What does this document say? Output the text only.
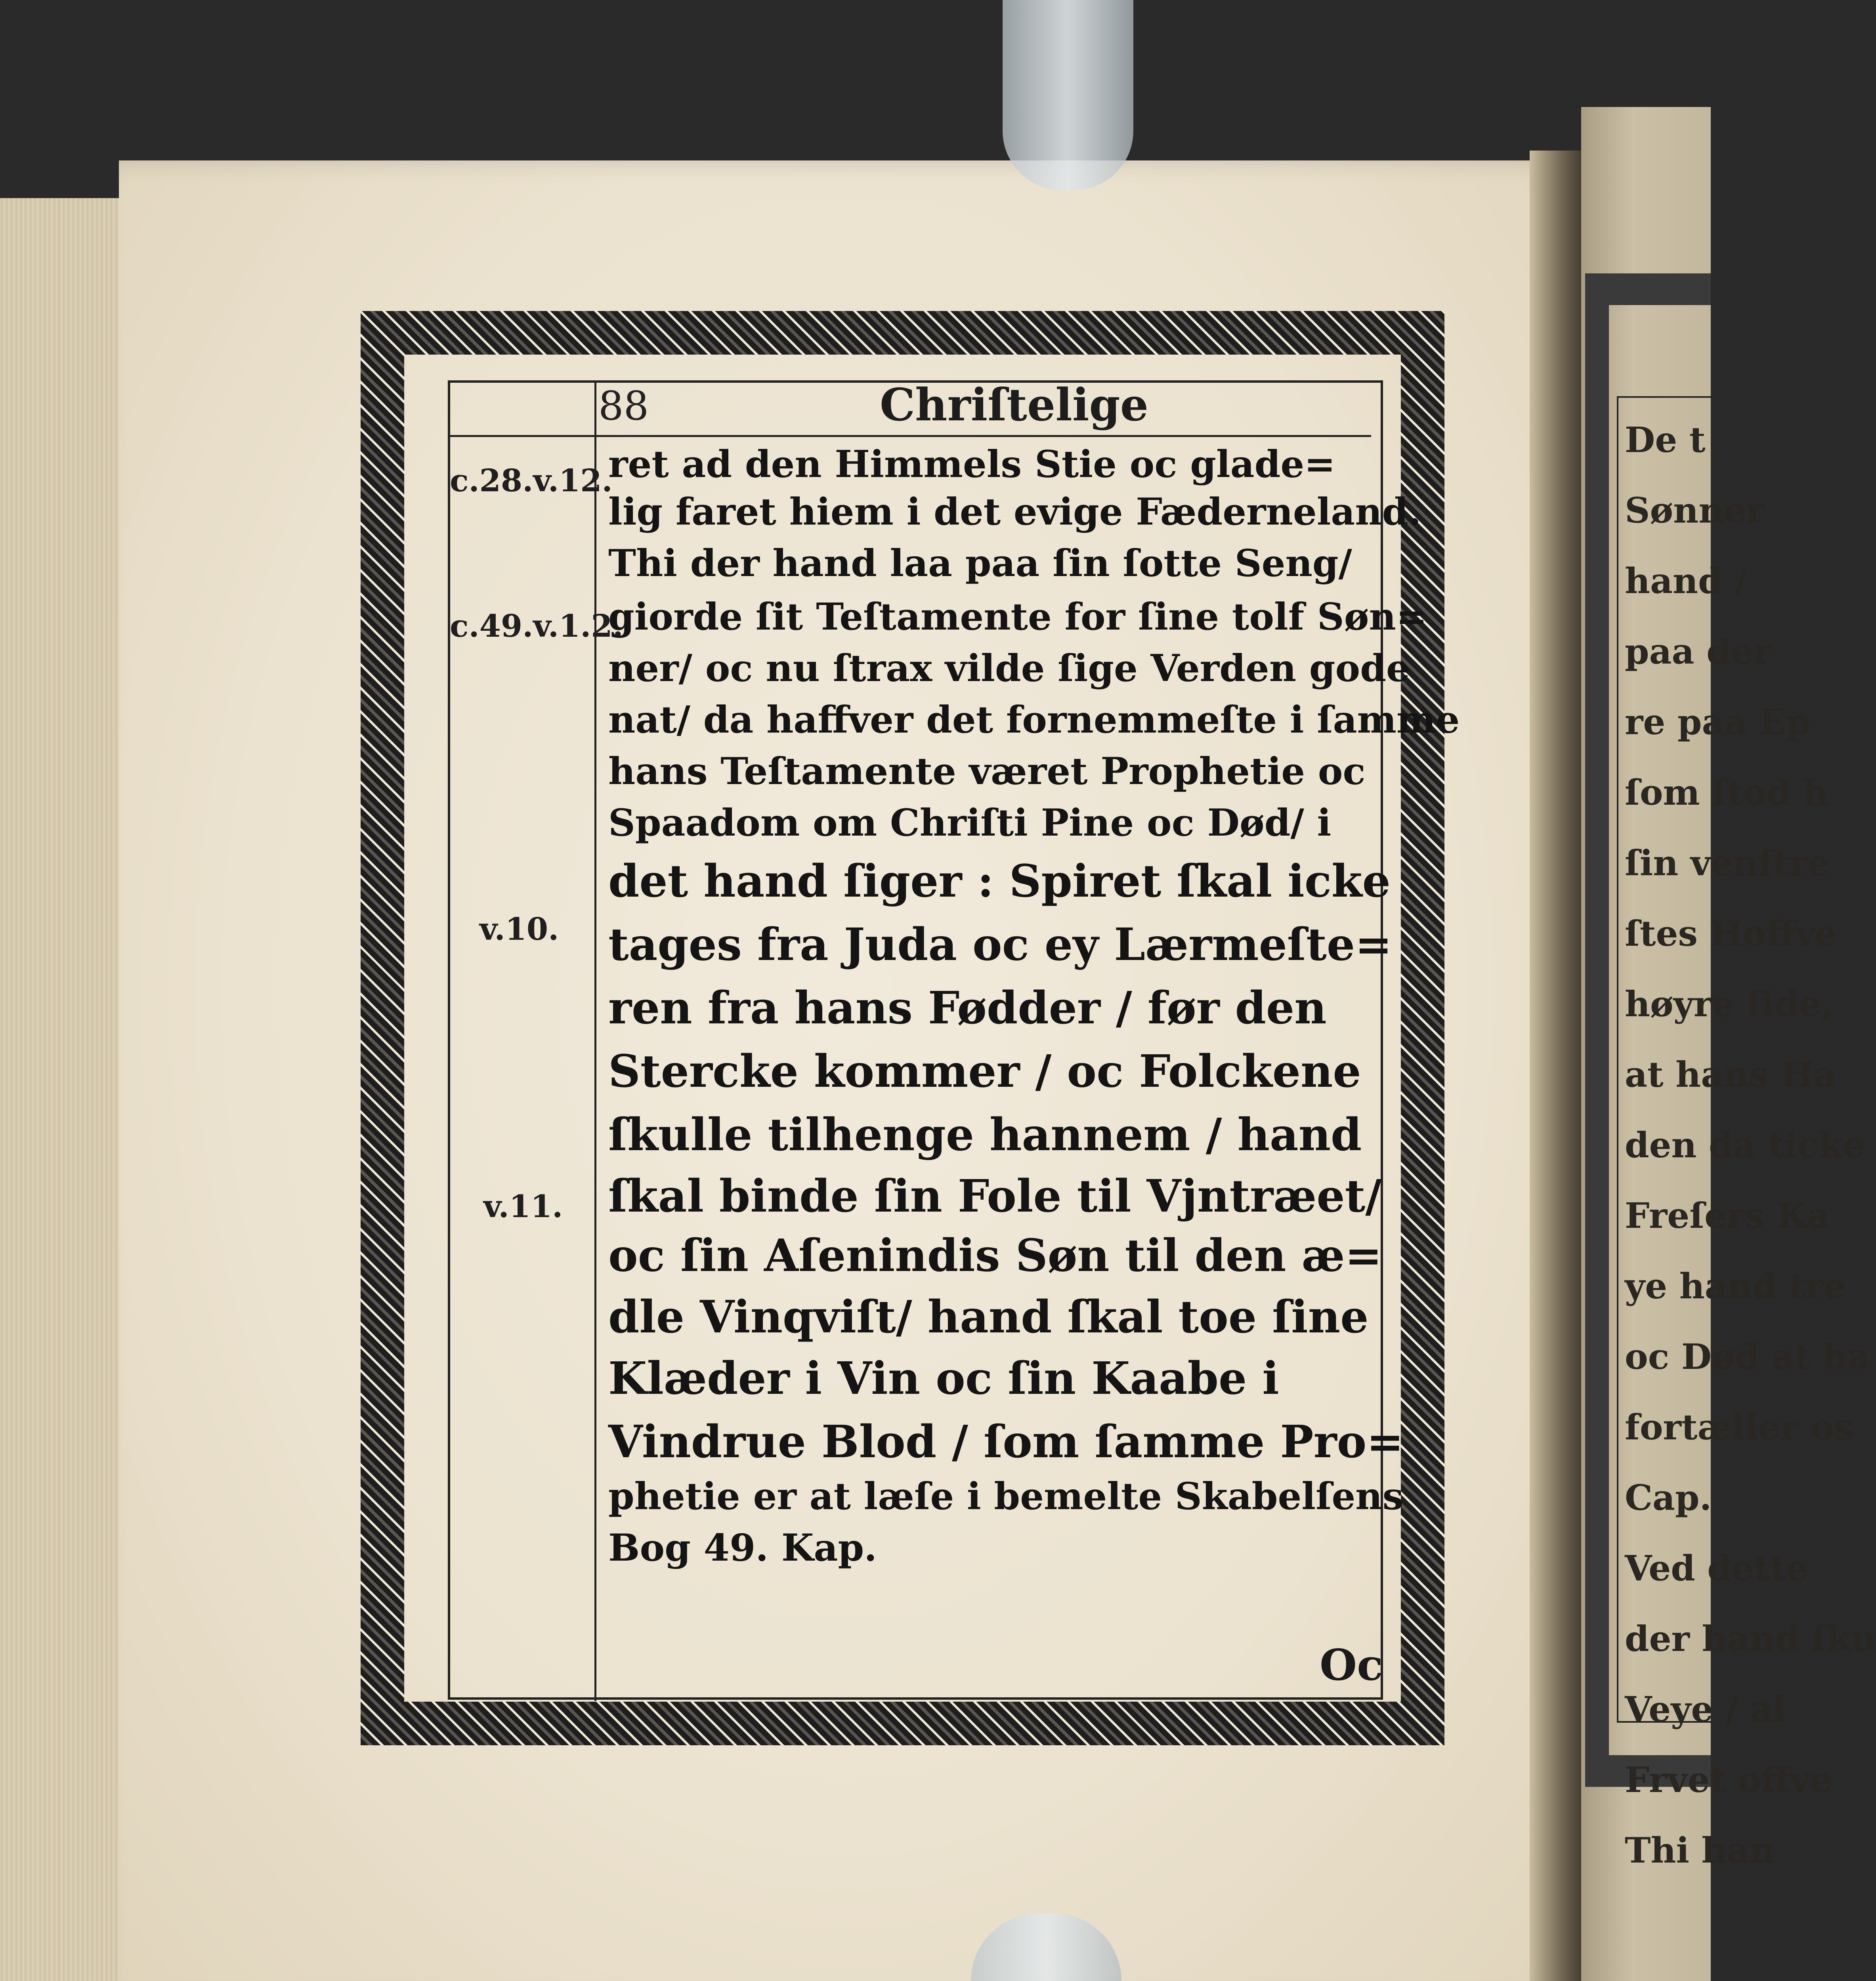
De t
Sønner
hand /
paa der
re paa Ep
ſom ſtod h
ſin venſtre
ſtes Hoffve
høyre ſide,
at hans Ha
den da ticke
Freſers Ka
ye hand tre
oc Død at ha
fortæller os
Cap.
Ved dette
der hand ſku
Veye / al
Frvet offve
Thi han
88	Chriſtelige
c.28.v.12.
c.49.v.1.2.
v.10.
v.11.
ret ad den Himmels Stie oc glade=
lig faret hiem i det evige Fæderneland.
Thi der hand laa paa ſin ſotte Seng/
giorde ſit Teſtamente for ſine tolf Søn=
ner/ oc nu ſtrax vilde ſige Verden gode
nat/ da haffver det fornemmeſte i ſamme
hans Teſtamente været Prophetie oc
Spaadom om Chriſti Pine oc Død/ i
det hand ſiger : Spiret ſkal icke
tages fra Juda oc ey Lærmeſte=
ren fra hans Fødder / før den
Stercke kommer / oc Folckene
ſkulle tilhenge hannem / hand
ſkal binde ſin Fole til Vjntræet/
oc ſin Aſenindis Søn til den æ=
dle Vinqviſt/ hand ſkal toe ſine
Klæder i Vin oc ſin Kaabe i
Vindrue Blod / ſom ſamme Pro=
phetie er at læſe i bemelte Skabelſens
Bog 49. Kap.
Oc
